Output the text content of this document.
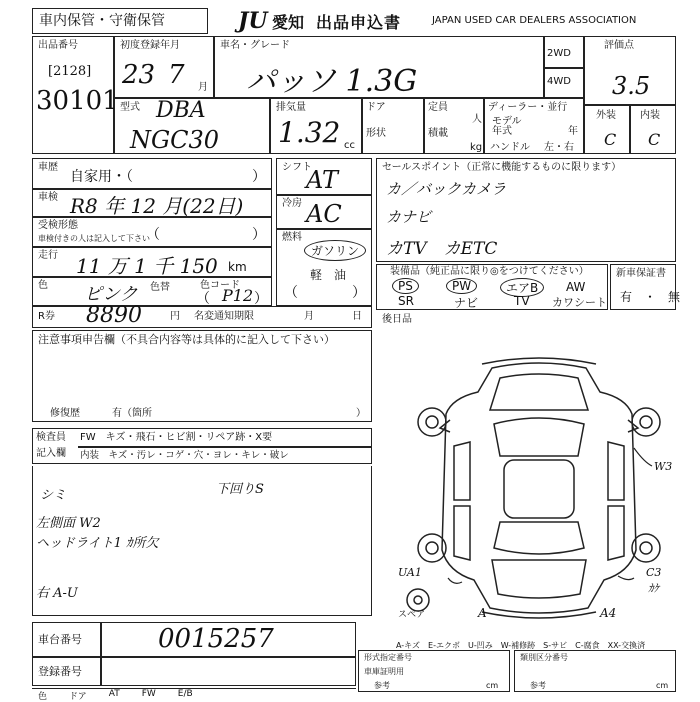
車内保管・守衛保管	JU 愛知 出品申込書	JAPAN USED CAR DEALERS ASSOCIATION
出品番号
[2128]
30101
初度登録年月
23 7 月
車名・グレード
パッソ 1.3G
2WD
4WD
評価点
3.5
外装 内装
C C
型式 DBA
NGC30
排気量
1.32 cc
ドア
形状
定員
人
積載
kg
ディーラー・並行
モデル
年式	年
ハンドル 左・右
車歴
自家用・（	）
車検 R8 年 12 月(22日)
受検形態
車検付きの人は記入して下さい
（	）
走行 11 万 1 千 150 km
色 ピンク 色替	色コード
（ P12 ）
シフト
AT
冷房 AC
燃料
ガソリン
軽　油
（	）
セールスポイント（正常に機能するものに限ります）
カ／バックカメラ
カナビ
カTV　カETC
装備品（純正品に限り◎をつけてください）
PS	PW	エアB	AW
SR	ナビ	TV カワシート
新車保証書
有　・　無
R券 8890	円 名変通知期限	月	日 後日品
注意事項申告欄（不具合内容等は具体的に記入して下さい）
修復歴	有（箇所	）
検査員
記入欄
FW　キズ・飛石・ヒビ割・リペア跡・X要
内装　キズ・汚レ・コゲ・穴・ヨレ・キレ・破レ
下回りS
シミ
左側面 W2
ヘッドライト1 ｶ所欠
右 A-U
W3
UA1	C3
ｶｹ
A	A4
スペア
A-キズ　E-エクボ　U-凹み　W-補修跡　S-サビ　C-腐食　XX-交換済
車台番号	0015257
登録番号
形式指定番号
車庫証明用
参考	cm
類別区分番号
参考	cm
色 ドア AT FW E/B
